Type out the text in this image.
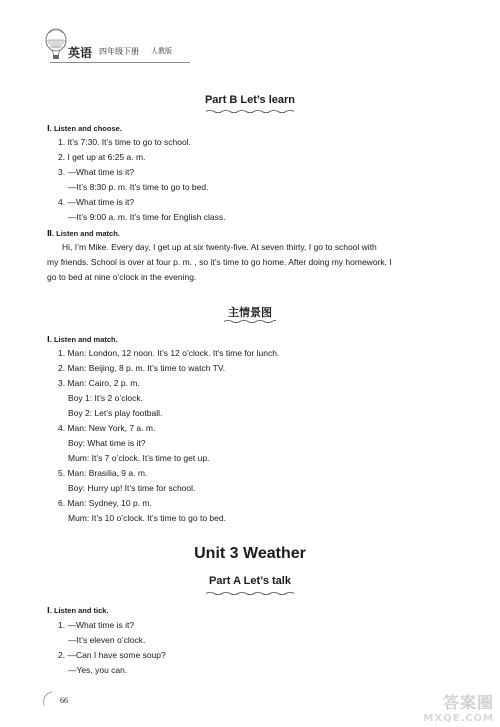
英语 四年级下册 人教版
Part B Let’s learn
Ⅰ. Listen and choose.
1. It’s 7:30. It’s time to go to school.
2. I get up at 6:25 a. m.
3. —What time is it?
—It’s 8:30 p. m. It’s time to go to bed.
4. —What time is it?
—It’s 9:00 a. m. It’s time for English class.
Ⅱ. Listen and match.
Hi, I’m Mike. Every day, I get up at six twenty-five. At seven thirty, I go to school with
my friends. School is over at four p. m. , so it’s time to go home. After doing my homework, I
go to bed at nine o’clock in the evening.
主情景图
Ⅰ. Listen and match.
1. Man: London, 12 noon. It’s 12 o’clock. It’s time for lunch.
2. Man: Beijing, 8 p. m. It’s time to watch TV.
3. Man: Cairo, 2 p. m.
Boy 1: It’s 2 o’clock.
Boy 2: Let’s play football.
4. Man: New York, 7 a. m.
Boy: What time is it?
Mum: It’s 7 o’clock. It’s time to get up.
5. Man: Brasilia, 9 a. m.
Boy: Hurry up! It’s time for school.
6. Man: Sydney, 10 p. m.
Mum: It’s 10 o’clock. It’s time to go to bed.
Unit 3 Weather
Part A Let’s talk
Ⅰ. Listen and tick.
1. —What time is it?
—It’s eleven o’clock.
2. —Can I have some soup?
—Yes, you can.
66	答案圈
MXQE.COM
